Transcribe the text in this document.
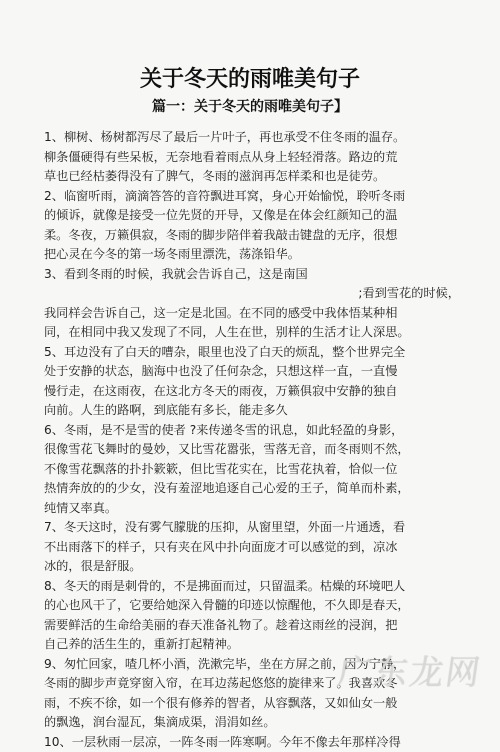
关于冬天的雨唯美句子
篇一：关于冬天的雨唯美句子】
1、柳树、杨树都泻尽了最后一片叶子，再也承受不住冬雨的温存。
柳条僵硬得有些呆板，无奈地看着雨点从身上轻轻滑落。路边的荒
草也已经枯萎得没有了脾气，冬雨的滋润再怎样柔和也是徒劳。
2、临窗听雨，滴滴答答的音符飘进耳窝，身心开始愉悦，聆听冬雨
的倾诉，就像是接受一位先贤的开导，又像是在体会红颜知己的温
柔。冬夜，万籁俱寂，冬雨的脚步陪伴着我敲击键盘的无序，很想
把心灵在今冬的第一场冬雨里漂洗，荡涤铅华。
3、看到冬雨的时候，我就会告诉自己，这是南国
;看到雪花的时候，
我同样会告诉自己，这一定是北国。在不同的感受中我体悟某种相
同，在相同中我又发现了不同，人生在世，别样的生活才让人深思。
5、耳边没有了白天的嘈杂，眼里也没了白天的烦乱，整个世界完全
处于安静的状态，脑海中也没了任何杂念，只想这样一直，一直慢
慢行走，在这雨夜，在这北方冬天的雨夜，万籁俱寂中安静的独自
向前。人生的路啊，到底能有多长，能走多久
6、冬雨，是不是雪的使者 ?来传递冬雪的讯息，如此轻盈的身影，
很像雪花飞舞时的曼妙，又比雪花嚣张，雪落无音，而冬雨则不然，
不像雪花飘落的扑扑簌簌，但比雪花实在，比雪花执着，恰似一位
热情奔放的的少女，没有羞涩地追逐自己心爱的王子，简单而朴素，
纯情又率真。
7、冬天这时，没有雾气朦胧的压抑，从窗里望，外面一片通透，看
不出雨落下的样子，只有夹在风中扑向面庞才可以感觉的到，凉冰
冰的，很是舒服。
8、冬天的雨是刺骨的，不是拂面而过，只留温柔。枯燥的环境吧人
的心也风干了，它要给她深入骨髓的印迹以惊醒他，不久即是春天，
需要鲜活的生命给美丽的春天准备礼物了。趁着这雨丝的浸润，把
自己养的活生生的，重新打起精神。
9、匆忙回家，喳几杯小酒，洗漱完毕，坐在方屏之前，因为宁静，
冬雨的脚步声竟穿窗入帘，在耳边荡起悠悠的旋律来了。我喜欢冬
雨，不疾不徐，如一个很有修养的智者，从容飘落，又如仙女一般
的飘逸，润台湿瓦，集滴成渠，涓涓如丝。
10、一层秋雨一层凉，一阵冬雨一阵寒啊。今年不像去年那样冷得
广东龙网
